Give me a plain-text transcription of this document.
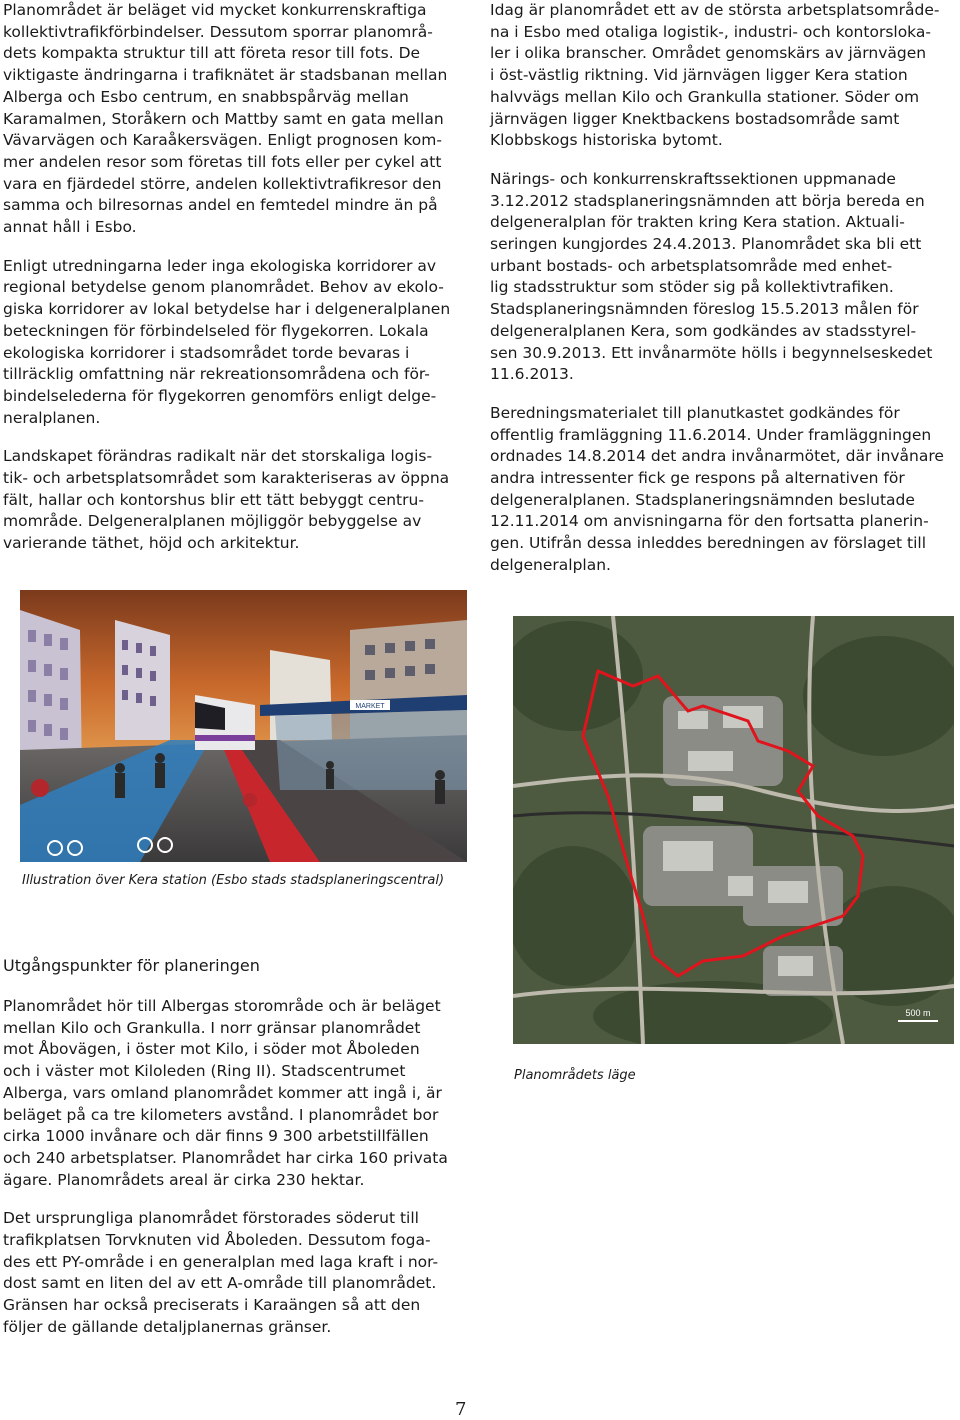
Planområdet är beläget vid mycket konkurrenskraftiga
kollektivtrafikförbindelser. Dessutom sporrar planområ-
dets kompakta struktur till att företa resor till fots. De
viktigaste ändringarna i trafiknätet är stadsbanan mellan
Alberga och Esbo centrum, en snabbspårväg mellan
Karamalmen, Storåkern och Mattby samt en gata mellan
Vävarvägen och Karaåkersvägen. Enligt prognosen kom-
mer andelen resor som företas till fots eller per cykel att
vara en fjärdedel större, andelen kollektivtrafikresor den
samma och bilresornas andel en femtedel mindre än på
annat håll i Esbo.

Enligt utredningarna leder inga ekologiska korridorer av
regional betydelse genom planområdet. Behov av ekolo-
giska korridorer av lokal betydelse har i delgeneralplanen
beteckningen för förbindelseled för flygekorren. Lokala
ekologiska korridorer i stadsområdet torde bevaras i
tillräcklig omfattning när rekreationsområdena och för-
bindelselederna för flygekorren genomförs enligt delge-
neralplanen.

Landskapet förändras radikalt när det storskaliga logis-
tik- och arbetsplatsområdet som karakteriseras av öppna
fält, hallar och kontorshus blir ett tätt bebyggt centru-
mområde. Delgeneralplanen möjliggör bebyggelse av
varierande täthet, höjd och arkitektur.

Idag är planområdet ett av de största arbetsplatsområde-
na i Esbo med otaliga logistik-, industri- och kontorsloka-
ler i olika branscher. Området genomskärs av järnvägen
i öst-västlig riktning. Vid järnvägen ligger Kera station
halvvägs mellan Kilo och Grankulla stationer. Söder om
järnvägen ligger Knektbackens bostadsområde samt
Klobbskogs historiska bytomt.

Närings- och konkurrenskraftssektionen uppmanade
3.12.2012 stadsplaneringsnämnden att börja bereda en
delgeneralplan för trakten kring Kera station. Aktuali-
seringen kungjordes 24.4.2013. Planområdet ska bli ett
urbant bostads- och arbetsplatsområde med enhet-
lig stadsstruktur som stöder sig på kollektivtrafiken.
Stadsplaneringsnämnden föreslog 15.5.2013 målen för
delgeneralplanen Kera, som godkändes av stadsstyrel-
sen 30.9.2013. Ett invånarmöte hölls i begynnelseskedet
11.6.2013.

Beredningsmaterialet till planutkastet godkändes för
offentlig framläggning 11.6.2014. Under framläggningen
ordnades 14.8.2014 det andra invånarmötet, där invånare
andra intressenter fick ge respons på alternativen för
delgeneralplanen. Stadsplaneringsnämnden beslutade
12.11.2014 om anvisningarna för den fortsatta planerin-
gen. Utifrån dessa inleddes beredningen av förslaget till
delgeneralplan.

MARKET

Illustration över Kera station (Esbo stads stadsplaneringscentral)

500 m

Planområdets läge

Utgångspunkter för planeringen

Planområdet hör till Albergas storområde och är beläget
mellan Kilo och Grankulla. I norr gränsar planområdet
mot Åbovägen, i öster mot Kilo, i söder mot Åboleden
och i väster mot Kiloleden (Ring II). Stadscentrumet
Alberga, vars omland planområdet kommer att ingå i, är
beläget på ca tre kilometers avstånd. I planområdet bor
cirka 1000 invånare och där finns 9 300 arbetstillfällen
och 240 arbetsplatser. Planområdet har cirka 160 privata
ägare. Planområdets areal är cirka 230 hektar.

Det ursprungliga planområdet förstorades söderut till
trafikplatsen Torvknuten vid Åboleden. Dessutom foga-
des ett PY-område i en generalplan med laga kraft i nor-
dost samt en liten del av ett A-område till planområdet.
Gränsen har också preciserats i Karaängen så att den
följer de gällande detaljplanernas gränser.

7
